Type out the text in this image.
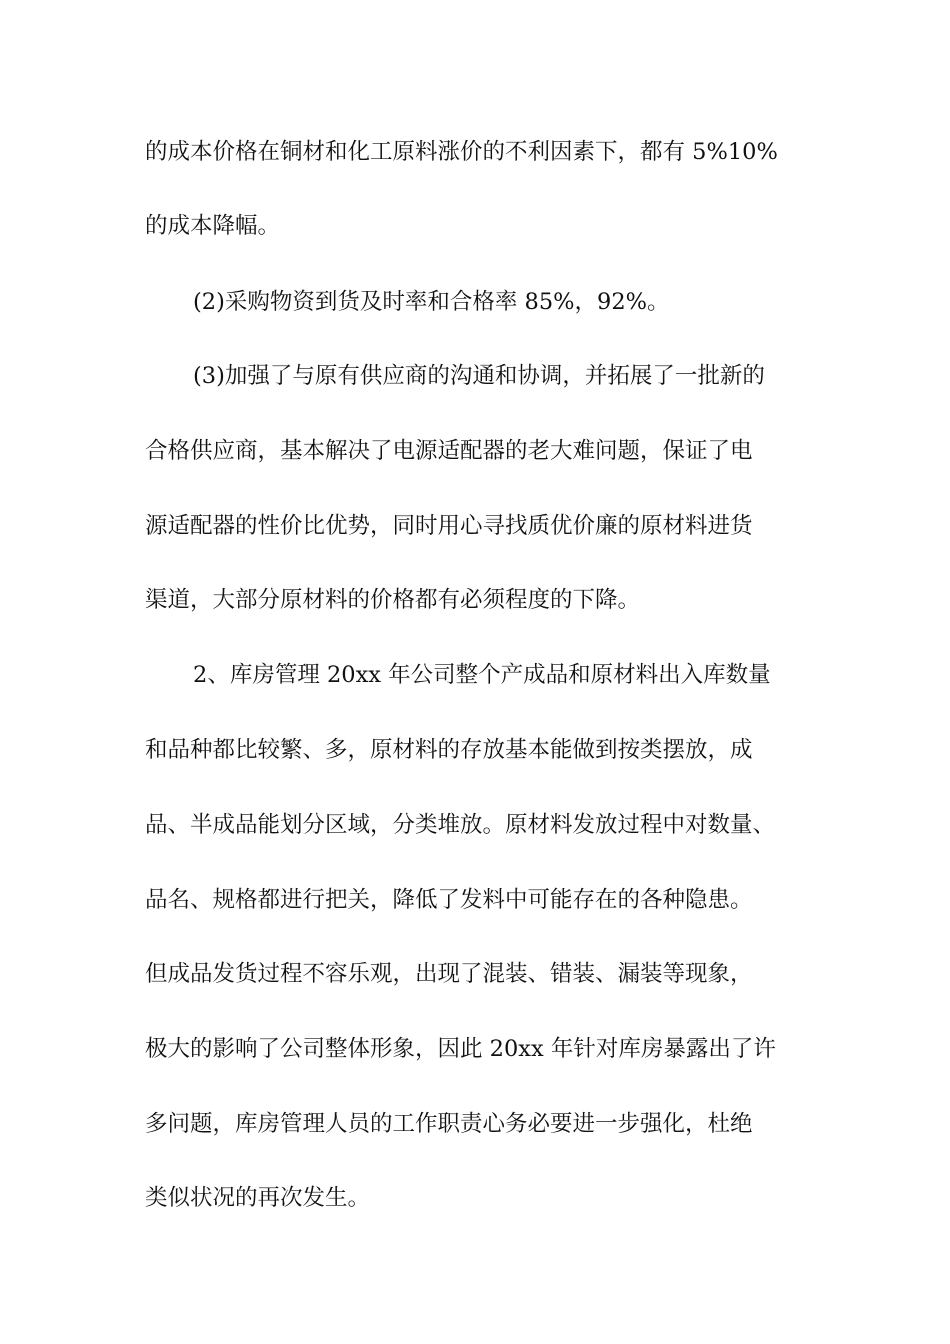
的成本价格在铜材和化工原料涨价的不利因素下，都有 5%10%
的成本降幅。
(2)采购物资到货及时率和合格率 85%，92%。
(3)加强了与原有供应商的沟通和协调，并拓展了一批新的
合格供应商，基本解决了电源适配器的老大难问题，保证了电
源适配器的性价比优势，同时用心寻找质优价廉的原材料进货
渠道，大部分原材料的价格都有必须程度的下降。
2、库房管理 20xx 年公司整个产成品和原材料出入库数量
和品种都比较繁、多，原材料的存放基本能做到按类摆放，成
品、半成品能划分区域，分类堆放。原材料发放过程中对数量、
品名、规格都进行把关，降低了发料中可能存在的各种隐患。
但成品发货过程不容乐观，出现了混装、错装、漏装等现象，
极大的影响了公司整体形象，因此 20xx 年针对库房暴露出了许
多问题，库房管理人员的工作职责心务必要进一步强化，杜绝
类似状况的再次发生。
